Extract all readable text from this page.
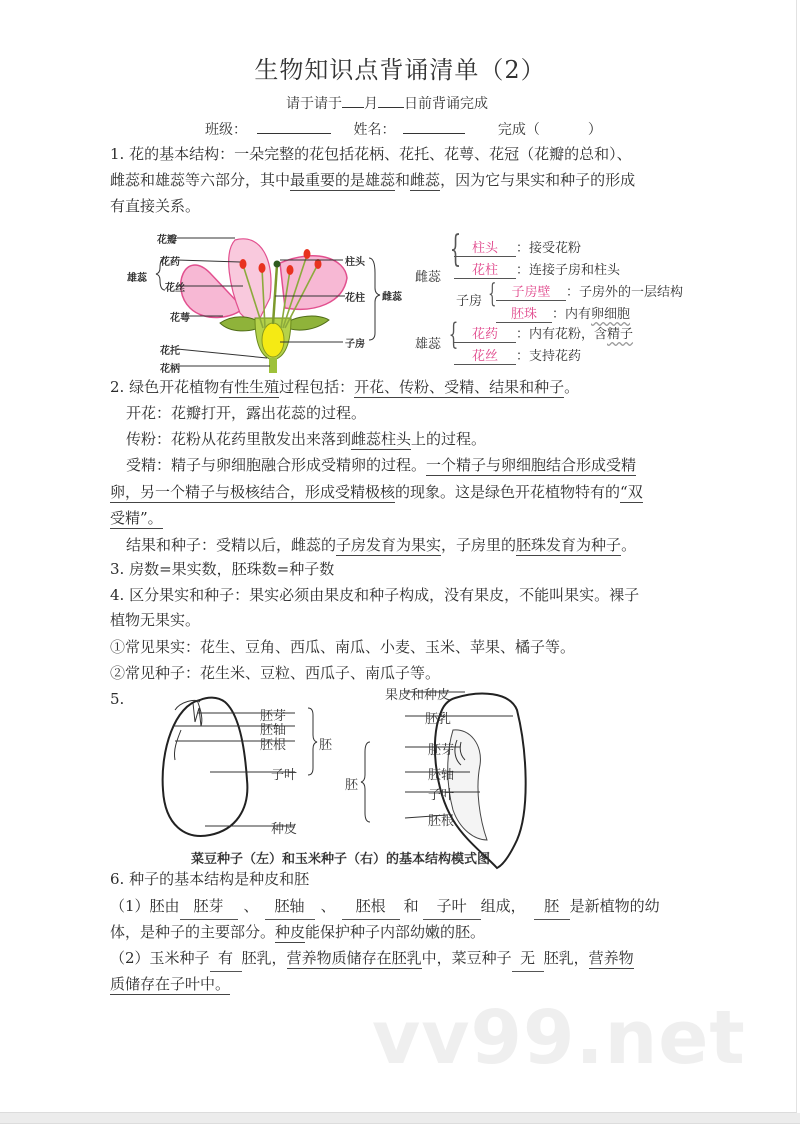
生物知识点背诵清单（2）
请于请于 月 日前背诵完成
班级：	姓名：	完成（	）
1. 花的基本结构：一朵完整的花包括花柄、花托、花萼、花冠（花瓣的总和）、
雌蕊和雄蕊等六部分，其中最重要的是雄蕊和雌蕊，因为它与果实和种子的形成
有直接关系。
花瓣
花药
雄蕊
花丝
花萼
花托
花柄
柱头
花柱 雌蕊
子房
雌蕊
{ 柱头 ：接受花粉
花柱 ：连接子房和柱头
子房 {	子房壁 ：子房外的一层结构
胚珠 ：内有卵细胞
雄蕊 {	花药 ：内有花粉，含精子
花丝 ：支持花药
2. 绿色开花植物有性生殖过程包括：开花、传粉、受精、结果和种子。
开花：花瓣打开，露出花蕊的过程。
传粉：花粉从花药里散发出来落到雌蕊柱头上的过程。
受精：精子与卵细胞融合形成受精卵的过程。一个精子与卵细胞结合形成受精
卵，另一个精子与极核结合，形成受精极核的现象。这是绿色开花植物特有的“双
受精”。
结果和种子：受精以后，雌蕊的子房发育为果实，子房里的胚珠发育为种子。
3. 房数=果实数，胚珠数=种子数
4. 区分果实和种子：果实必须由果皮和种子构成，没有果皮，不能叫果实。裸子
植物无果实。
①常见果实：花生、豆角、西瓜、南瓜、小麦、玉米、苹果、橘子等。
②常见种子：花生米、豆粒、西瓜子、南瓜子等。
5.
胚芽
胚轴
胚根	胚
子叶
种皮
果皮和种皮
胚乳
胚芽
胚
胚轴
子叶
胚根
菜豆种子（左）和玉米种子（右）的基本结构模式图
6. 种子的基本结构是种皮和胚
（1）胚由 胚芽 、 胚轴 、 胚根 和 子叶 组成， 胚 是新植物的幼
体，是种子的主要部分。种皮能保护种子内部幼嫩的胚。
（2）玉米种子 有 胚乳，营养物质储存在胚乳中，菜豆种子 无 胚乳，营养物
质储存在子叶中。
vv99.net
